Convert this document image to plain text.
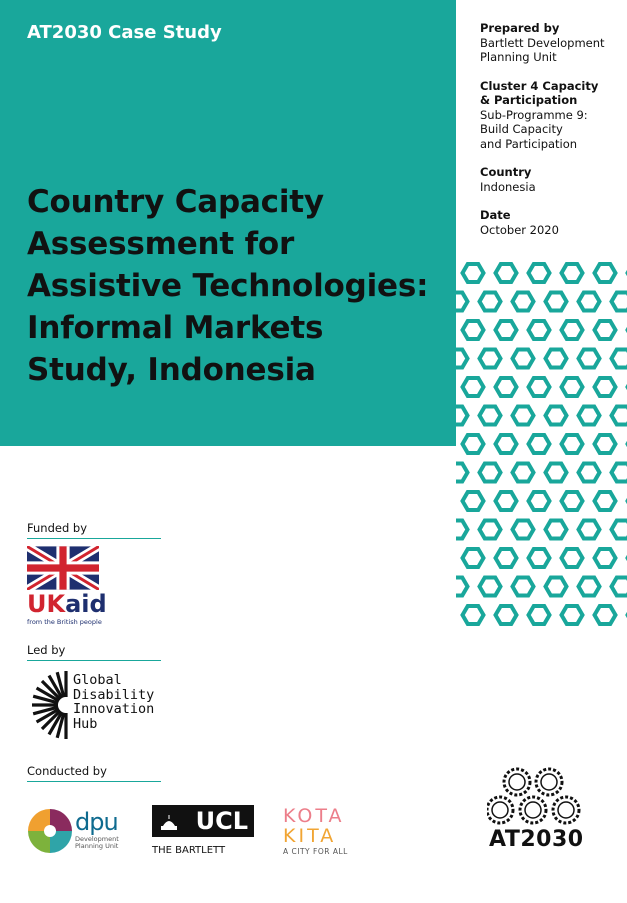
AT2030 Case Study
Country Capacity
Assessment for
Assistive Technologies:
Informal Markets
Study, Indonesia
Prepared by
Bartlett Development
Planning Unit
Cluster 4 Capacity
& Participation
Sub-Programme 9:
Build Capacity
and Participation
Country
Indonesia
Date
October 2020
Funded by
UKaid
from the British people
Led by
Global
Disability
Innovation
Hub
Conducted by
dpu
Development
Planning Unit
UCL
THE BARTLETT
KOTA
KITA
A CITY FOR ALL	AT2030
